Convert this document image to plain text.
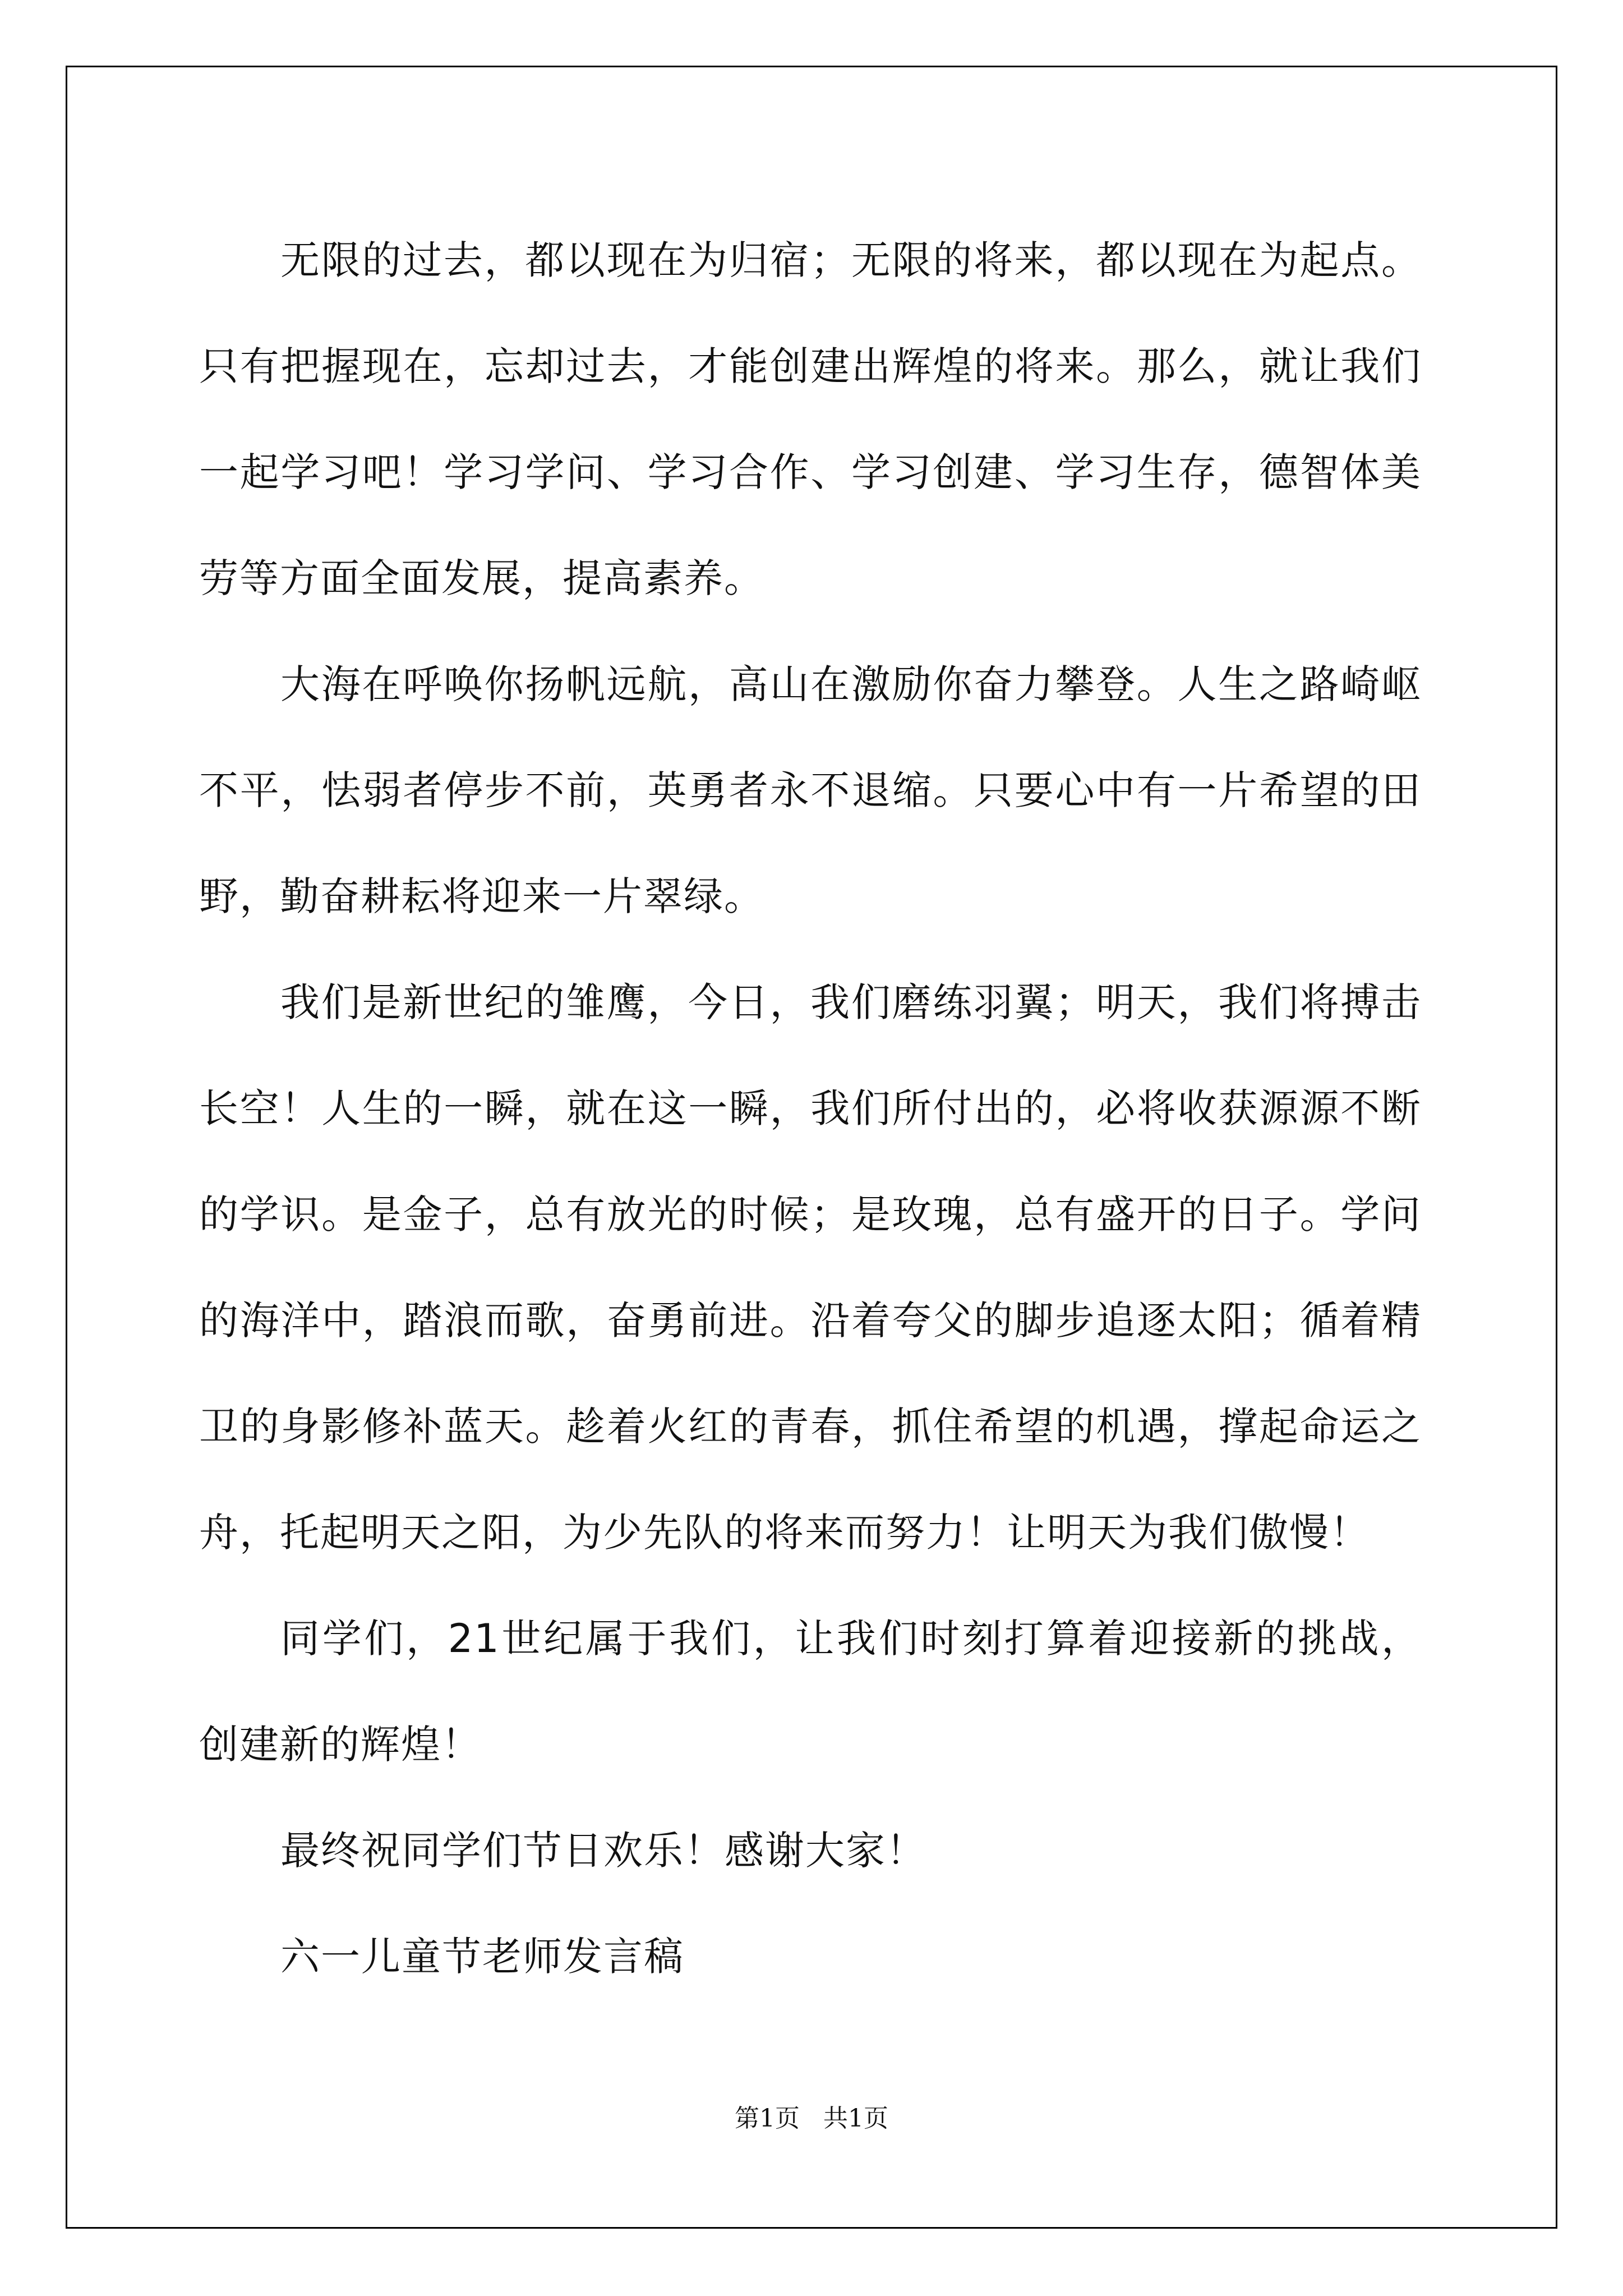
无限的过去，都以现在为归宿；无限的将来，都以现在为起点。只有把握现在，忘却过去，才能创建出辉煌的将来。那么，就让我们一起学习吧！学习学问、学习合作、学习创建、学习生存，德智体美劳等方面全面发展，提高素养。

大海在呼唤你扬帆远航，高山在激励你奋力攀登。人生之路崎岖不平，怯弱者停步不前，英勇者永不退缩。只要心中有一片希望的田野，勤奋耕耘将迎来一片翠绿。

我们是新世纪的雏鹰，今日，我们磨练羽翼；明天，我们将搏击长空！人生的一瞬，就在这一瞬，我们所付出的，必将收获源源不断的学识。是金子，总有放光的时候；是玫瑰，总有盛开的日子。学问的海洋中，踏浪而歌，奋勇前进。沿着夸父的脚步追逐太阳；循着精卫的身影修补蓝天。趁着火红的青春，抓住希望的机遇，撑起命运之舟，托起明天之阳，为少先队的将来而努力！让明天为我们傲慢！

同学们，21世纪属于我们，让我们时刻打算着迎接新的挑战，创建新的辉煌！

最终祝同学们节日欢乐！感谢大家！

六一儿童节老师发言稿

第1页   共1页
